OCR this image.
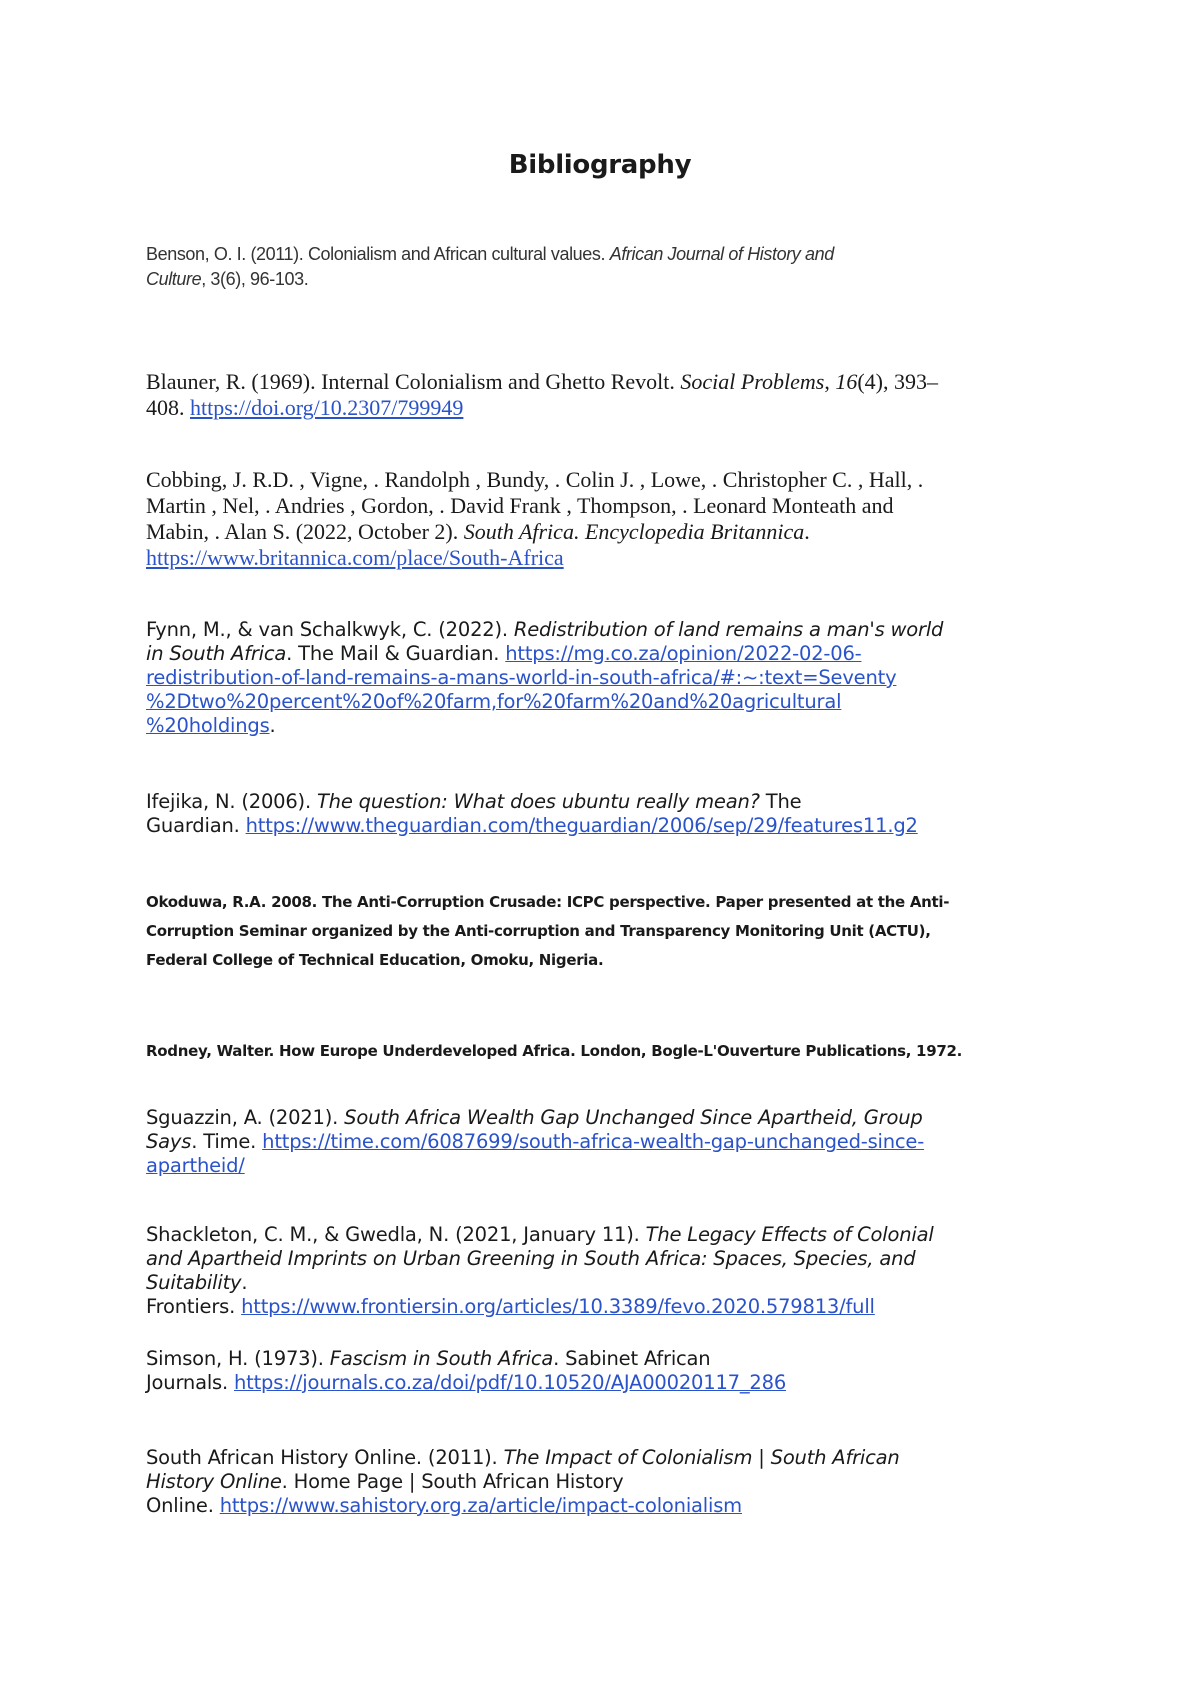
Bibliography
Benson, O. I. (2011). Colonialism and African cultural values. African Journal of History and
Culture, 3(6), 96-103.
Blauner, R. (1969). Internal Colonialism and Ghetto Revolt. Social Problems, 16(4), 393–
408. https://doi.org/10.2307/799949
Cobbing, J. R.D. , Vigne, . Randolph , Bundy, . Colin J. , Lowe, . Christopher C. , Hall, .
Martin , Nel, . Andries , Gordon, . David Frank , Thompson, . Leonard Monteath and
Mabin, . Alan S. (2022, October 2). South Africa. Encyclopedia Britannica.
https://www.britannica.com/place/South-Africa
Fynn, M., & van Schalkwyk, C. (2022). Redistribution of land remains a man's world
in South Africa. The Mail & Guardian. https://mg.co.za/opinion/2022-02-06-
redistribution-of-land-remains-a-mans-world-in-south-africa/#:~:text=Seventy
%2Dtwo%20percent%20of%20farm,for%20farm%20and%20agricultural
%20holdings.
Ifejika, N. (2006). The question: What does ubuntu really mean? The
Guardian. https://www.theguardian.com/theguardian/2006/sep/29/features11.g2
Okoduwa, R.A. 2008. The Anti-Corruption Crusade: ICPC perspective. Paper presented at the Anti-
Corruption Seminar organized by the Anti-corruption and Transparency Monitoring Unit (ACTU),
Federal College of Technical Education, Omoku, Nigeria.
Rodney, Walter. How Europe Underdeveloped Africa. London, Bogle-L'Ouverture Publications, 1972.
Sguazzin, A. (2021). South Africa Wealth Gap Unchanged Since Apartheid, Group
Says. Time. https://time.com/6087699/south-africa-wealth-gap-unchanged-since-
apartheid/
Shackleton, C. M., & Gwedla, N. (2021, January 11). The Legacy Effects of Colonial
and Apartheid Imprints on Urban Greening in South Africa: Spaces, Species, and
Suitability.
Frontiers. https://www.frontiersin.org/articles/10.3389/fevo.2020.579813/full
Simson, H. (1973). Fascism in South Africa. Sabinet African
Journals. https://journals.co.za/doi/pdf/10.10520/AJA00020117_286
South African History Online. (2011). The Impact of Colonialism | South African
History Online. Home Page | South African History
Online. https://www.sahistory.org.za/article/impact-colonialism
